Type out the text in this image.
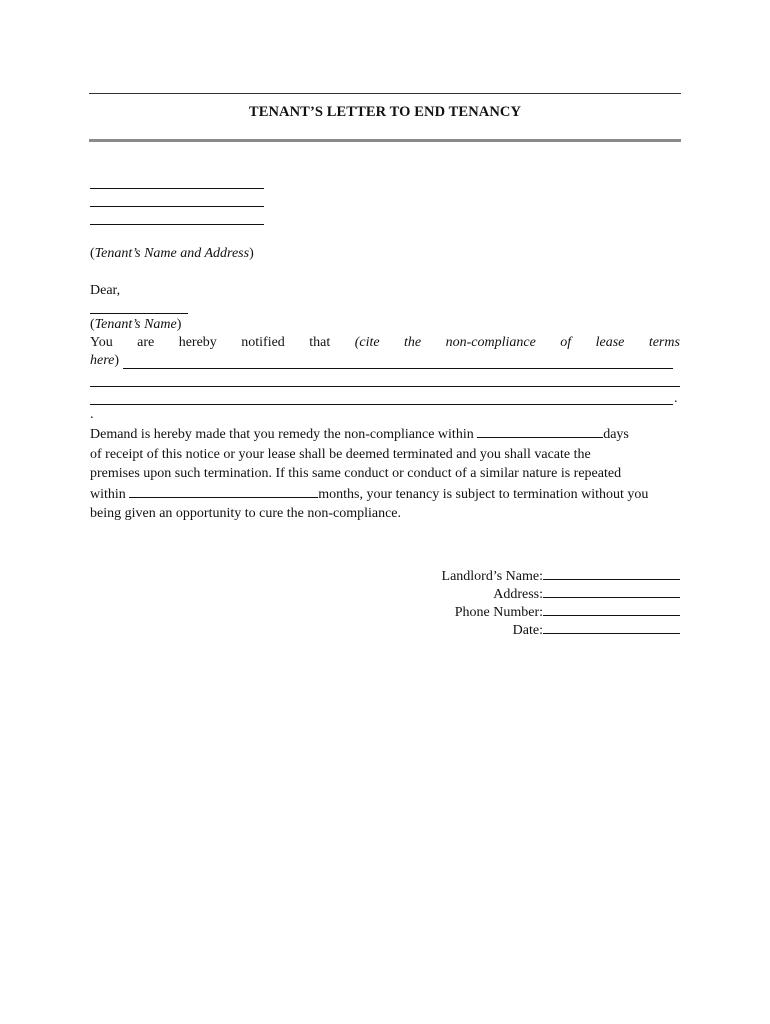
TENANT’S LETTER TO END TENANCY
(Tenant’s Name and Address)
Dear,
(Tenant’s Name)
You are hereby notified that (cite the non-compliance of lease terms
here)
.
.
Demand is hereby made that you remedy the non-compliance within	days
of receipt of this notice or your lease shall be deemed terminated and you shall vacate the
premises upon such termination. If this same conduct or conduct of a similar nature is repeated
within	months, your tenancy is subject to termination without you
being given an opportunity to cure the non-compliance.
Landlord’s Name:
Address:
Phone Number:
Date:
